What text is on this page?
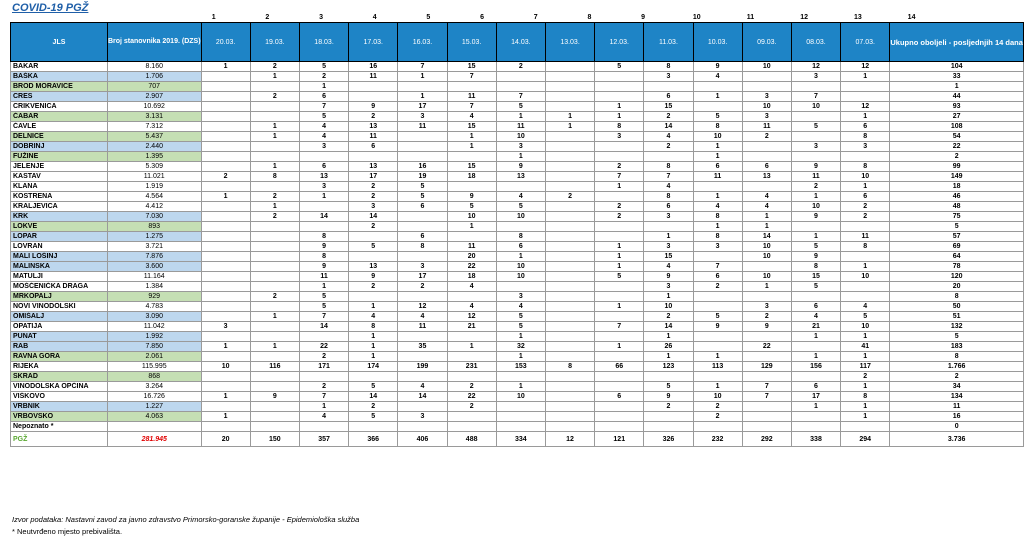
COVID-19 PGŽ
		1	2	3	4	5	6	7	8	9	10	11	12	13	14	
JLS	Broj stanovnika 2019. (DZS)	20.03.	19.03.	18.03.	17.03.	16.03.	15.03.	14.03.	13.03.	12.03.	11.03.	10.03.	09.03.	08.03.	07.03.	Ukupno oboljeli - posljednjih 14 dana
BAKAR	8.160	1	2	5	16	7	15	2		5	8	9	10	12	12	104
BAŠKA	1.706		1	2	11	1	7				3	4		3	1	33
BROD MORAVICE	707			1												1
CRES	2.907		2	6		1	11	7			6	1	3	7		44
CRIKVENICA	10.692			7	9	17	7	5		1	15		10	10	12	93
ČABAR	3.131			5	2	3	4	1	1	1	2	5	3		1	27
ČAVLE	7.312		1	4	13	11	15	11	1	8	14	8	11	5	6	108
DELNICE	5.437		1	4	11		1	10		3	4	10	2		8	54
DOBRINJ	2.440			3	6		1	3			2	1		3	3	22
FUŽINE	1.395							1				1				2
JELENJE	5.309		1	6	13	16	15	9		2	8	6	6	9	8	99
KASTAV	11.021	2	8	13	17	19	18	13		7	7	11	13	11	10	149
KLANA	1.919			3	2	5				1	4			2	1	18
KOSTRENA	4.564	1	2	1	2	5	9	4	2		8	1	4	1	6	46
KRALJEVICA	4.412		1		3	6	5	5		2	6	4	4	10	2	48
KRK	7.030		2	14	14		10	10		2	3	8	1	9	2	75
LOKVE	893				2		1					1	1			5
LOPAR	1.275			8		6		8			1	8	14	1	11	57
LOVRAN	3.721			9	5	8	11	6		1	3	3	10	5	8	69
MALI LOŠINJ	7.876			8			20	1		1	15		10	9		64
MALINSKA	3.600			9	13	3	22	10		1	4	7		8	1	78
MATULJI	11.164			11	9	17	18	10		5	9	6	10	15	10	120
MOŠĆENIČKA DRAGA	1.384			1	2	2	4				3	2	1	5		20
MRKOPALJ	929		2	5				3			1					8
NOVI VINODOLSKI	4.783			5	1	12	4	4		1	10		3	6	4	50
OMIŠALJ	3.090		1	7	4	4	12	5			2	5	2	4	5	51
OPATIJA	11.042	3		14	8	11	21	5		7	14	9	9	21	10	132
PUNAT	1.992				1			1			1			1	1	5
RAB	7.850	1	1	22	1	35	1	32		1	26		22		41	183
RAVNA GORA	2.061			2	1			1			1	1		1	1	8
RIJEKA	115.995	10	116	171	174	199	231	153	8	66	123	113	129	156	117	1.766
SKRAD	868														2	2
VINODOLSKA OPĆINA	3.264			2	5	4	2	1			5	1	7	6	1	34
VIŠKOVO	16.726	1	9	7	14	14	22	10		6	9	10	7	17	8	134
VRBNIK	1.227			1	2		2				2	2		1	1	11
VRBOVSKO	4.063	1		4	5	3						2			1	16
Nepoznato *																0
PGŽ	281.945	20	150	357	366	406	488	334	12	121	326	232	292	338	294	3.736
Izvor podataka: Nastavni zavod za javno zdravstvo Primorsko-goranske županije - Epidemiološka služba
* Neutvrđeno mjesto prebivališta.
